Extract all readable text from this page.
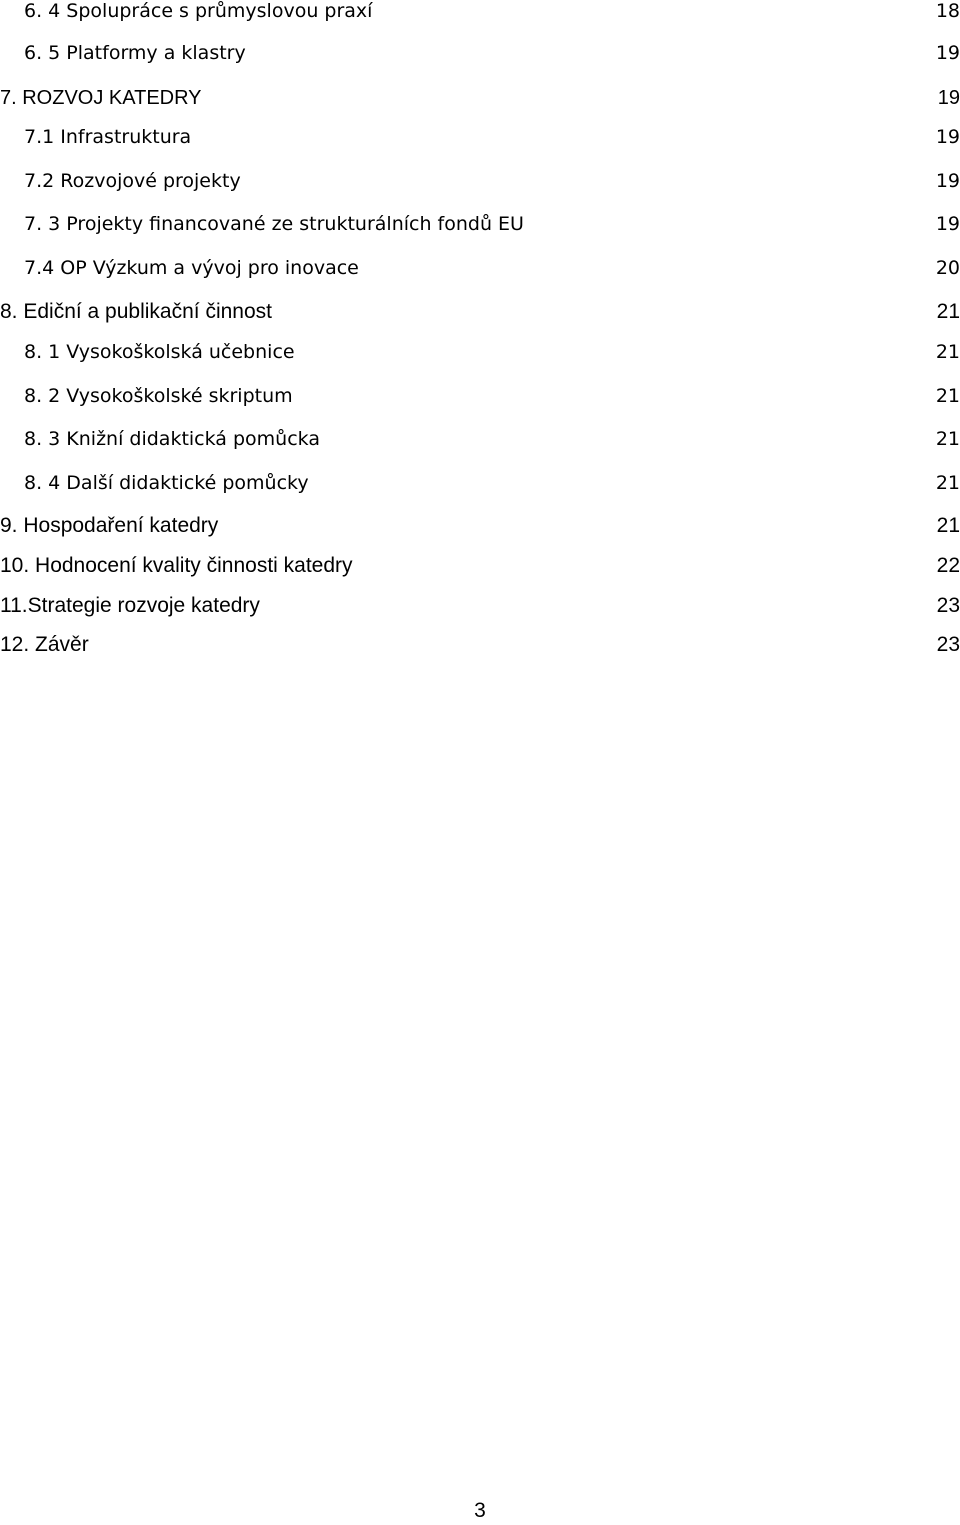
6. 4 Spolupráce s průmyslovou praxí	18
6. 5 Platformy a klastry	19
7. ROZVOJ KATEDRY	19
7.1 Infrastruktura	19
7.2 Rozvojové projekty	19
7. 3 Projekty financované ze strukturálních fondů EU	19
7.4 OP Výzkum a vývoj pro inovace	20
8. Ediční a publikační činnost	21
8. 1 Vysokoškolská učebnice	21
8. 2 Vysokoškolské skriptum	21
8. 3 Knižní didaktická pomůcka	21
8. 4 Další didaktické pomůcky	21
9. Hospodaření katedry	21
10. Hodnocení kvality činnosti katedry	22
11.Strategie rozvoje katedry	23
12. Závěr	23
3
